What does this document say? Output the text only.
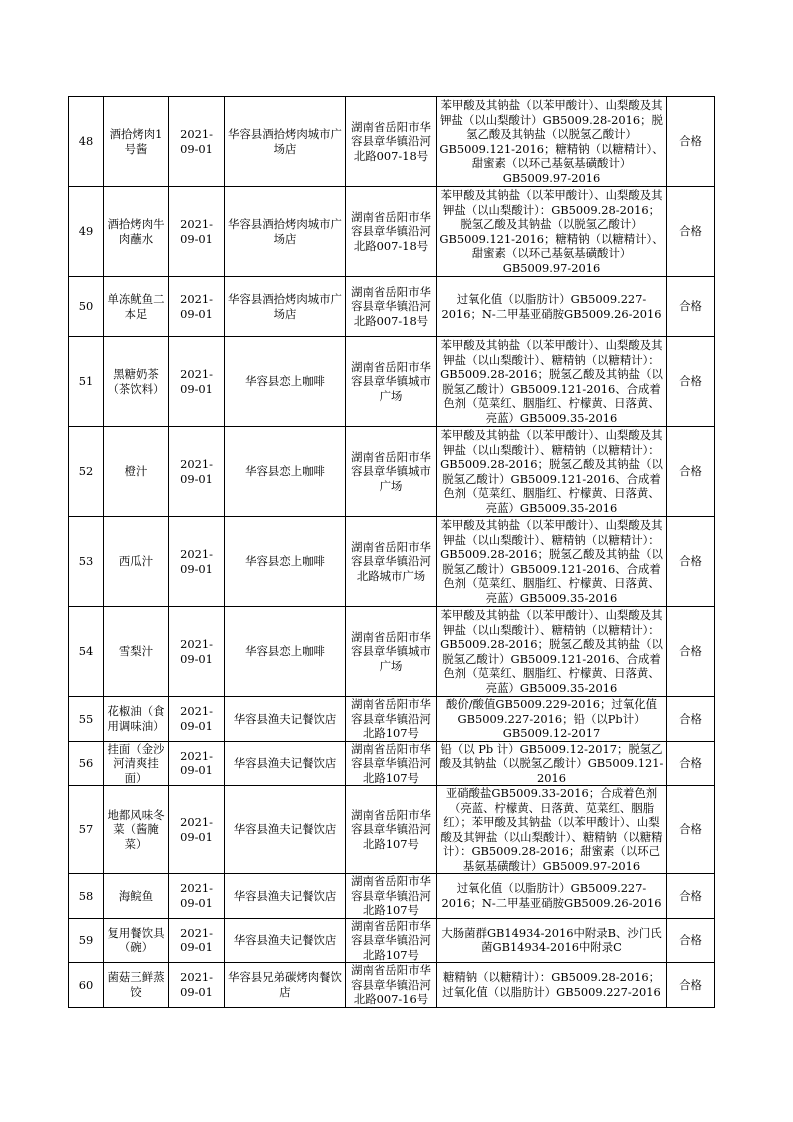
48	酒拾烤肉1号酱	2021-09-01	华容县酒拾烤肉城市广场店	湖南省岳阳市华容县章华镇沿河北路007-18号	苯甲酸及其钠盐（以苯甲酸计）、山梨酸及其钾盐（以山梨酸计）GB5009.28-2016；脱氢乙酸及其钠盐（以脱氢乙酸计）GB5009.121-2016；糖精钠（以糖精计）、甜蜜素（以环己基氨基磺酸计）GB5009.97-2016	合格
49	酒拾烤肉牛肉蘸水	2021-09-01	华容县酒拾烤肉城市广场店	湖南省岳阳市华容县章华镇沿河北路007-18号	苯甲酸及其钠盐（以苯甲酸计）、山梨酸及其钾盐（以山梨酸计）：GB5009.28-2016；脱氢乙酸及其钠盐（以脱氢乙酸计）GB5009.121-2016；糖精钠（以糖精计）、甜蜜素（以环己基氨基磺酸计）GB5009.97-2016	合格
50	单冻鱿鱼二本足	2021-09-01	华容县酒拾烤肉城市广场店	湖南省岳阳市华容县章华镇沿河北路007-18号	过氧化值（以脂肪计）GB5009.227-2016；N-二甲基亚硝胺GB5009.26-2016	合格
51	黑糖奶茶（茶饮料）	2021-09-01	华容县恋上咖啡	湖南省岳阳市华容县章华镇城市广场	苯甲酸及其钠盐（以苯甲酸计）、山梨酸及其钾盐（以山梨酸计）、糖精钠（以糖精计）：GB5009.28-2016；脱氢乙酸及其钠盐（以脱氢乙酸计）GB5009.121-2016、合成着色剂（苋菜红、胭脂红、柠檬黄、日落黄、亮蓝）GB5009.35-2016	合格
52	橙汁	2021-09-01	华容县恋上咖啡	湖南省岳阳市华容县章华镇城市广场	苯甲酸及其钠盐（以苯甲酸计）、山梨酸及其钾盐（以山梨酸计）、糖精钠（以糖精计）：GB5009.28-2016；脱氢乙酸及其钠盐（以脱氢乙酸计）GB5009.121-2016、合成着色剂（苋菜红、胭脂红、柠檬黄、日落黄、亮蓝）GB5009.35-2016	合格
53	西瓜汁	2021-09-01	华容县恋上咖啡	湖南省岳阳市华容县章华镇沿河北路城市广场	苯甲酸及其钠盐（以苯甲酸计）、山梨酸及其钾盐（以山梨酸计）、糖精钠（以糖精计）：GB5009.28-2016；脱氢乙酸及其钠盐（以脱氢乙酸计）GB5009.121-2016、合成着色剂（苋菜红、胭脂红、柠檬黄、日落黄、亮蓝）GB5009.35-2016	合格
54	雪梨汁	2021-09-01	华容县恋上咖啡	湖南省岳阳市华容县章华镇城市广场	苯甲酸及其钠盐（以苯甲酸计）、山梨酸及其钾盐（以山梨酸计）、糖精钠（以糖精计）：GB5009.28-2016；脱氢乙酸及其钠盐（以脱氢乙酸计）GB5009.121-2016、合成着色剂（苋菜红、胭脂红、柠檬黄、日落黄、亮蓝）GB5009.35-2016	合格
55	花椒油（食用调味油）	2021-09-01	华容县渔夫记餐饮店	湖南省岳阳市华容县章华镇沿河北路107号	酸价/酸值GB5009.229-2016；过氧化值GB5009.227-2016；铅（以Pb计）GB5009.12-2017	合格
56	挂面（金沙河清爽挂面）	2021-09-01	华容县渔夫记餐饮店	湖南省岳阳市华容县章华镇沿河北路107号	铅（以 Pb 计）GB5009.12-2017；脱氢乙酸及其钠盐（以脱氢乙酸计）GB5009.121-2016	合格
57	地都风味冬菜（酱腌菜）	2021-09-01	华容县渔夫记餐饮店	湖南省岳阳市华容县章华镇沿河北路107号	亚硝酸盐GB5009.33-2016；合成着色剂（亮蓝、柠檬黄、日落黄、苋菜红、胭脂红）；苯甲酸及其钠盐（以苯甲酸计）、山梨酸及其钾盐（以山梨酸计）、糖精钠（以糖精计）：GB5009.28-2016；甜蜜素（以环己基氨基磺酸计）GB5009.97-2016	合格
58	海鲩鱼	2021-09-01	华容县渔夫记餐饮店	湖南省岳阳市华容县章华镇沿河北路107号	过氧化值（以脂肪计）GB5009.227-2016；N-二甲基亚硝胺GB5009.26-2016	合格
59	复用餐饮具（碗）	2021-09-01	华容县渔夫记餐饮店	湖南省岳阳市华容县章华镇沿河北路107号	大肠菌群GB14934-2016中附录B、沙门氏菌GB14934-2016中附录C	合格
60	菌菇三鲜蒸饺	2021-09-01	华容县兄弟碳烤肉餐饮店	湖南省岳阳市华容县章华镇沿河北路007-16号	糖精钠（以糖精计）：GB5009.28-2016；过氧化值（以脂肪计）GB5009.227-2016	合格
